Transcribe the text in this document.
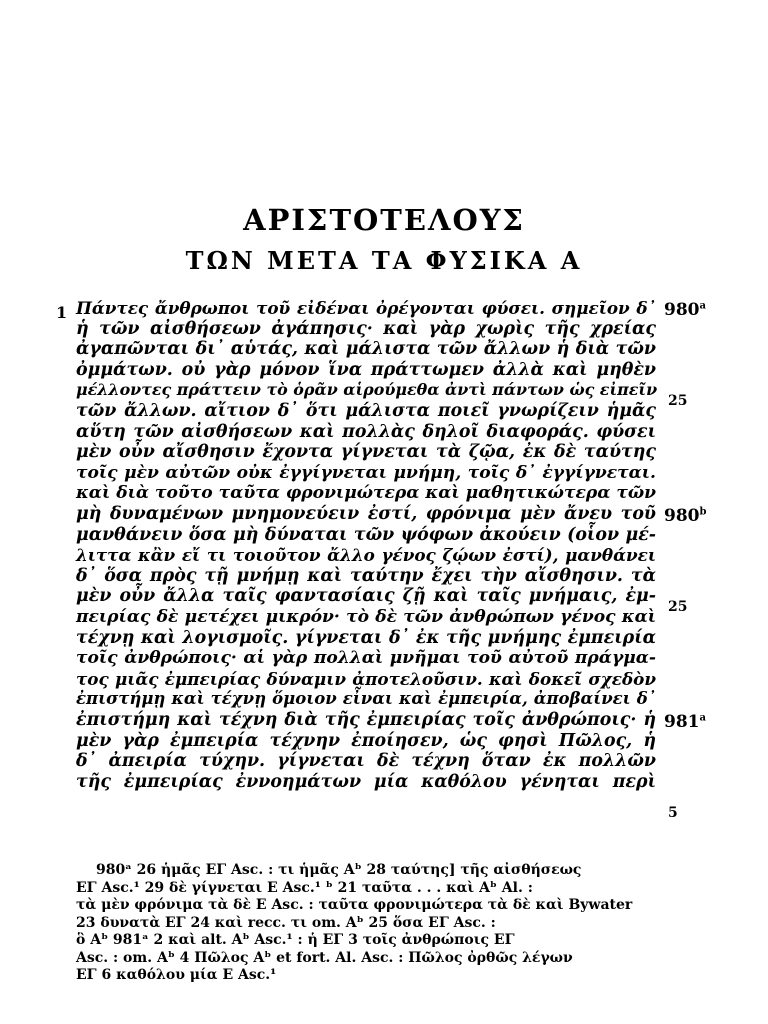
ΑΡΙΣΤΟΤΕΛΟΥΣ
ΤΩΝ ΜΕΤΑ ΤΑ ΦΥΣΙΚΑ Α
1 Πάντες ἄνθρωποι τοῦ εἰδέναι ὀρέγονται φύσει. σημεῖον δ᾽
ἡ τῶν αἰσθήσεων ἀγάπησις· καὶ γὰρ χωρὶς τῆς χρείας
ἀγαπῶνται δι᾽ αὑτάς, καὶ μάλιστα τῶν ἄλλων ἡ διὰ τῶν
ὀμμάτων. οὐ γὰρ μόνον ἵνα πράττωμεν ἀλλὰ καὶ μηθὲν
μέλλοντες πράττειν τὸ ὁρᾶν αἱρούμεθα ἀντὶ πάντων ὡς εἰπεῖν
τῶν ἄλλων. αἴτιον δ᾽ ὅτι μάλιστα ποιεῖ γνωρίζειν ἡμᾶς
αὕτη τῶν αἰσθήσεων καὶ πολλὰς δηλοῖ διαφοράς. φύσει
μὲν οὖν αἴσθησιν ἔχοντα γίγνεται τὰ ζῷα, ἐκ δὲ ταύτης
τοῖς μὲν αὐτῶν οὐκ ἐγγίγνεται μνήμη, τοῖς δ᾽ ἐγγίγνεται.
καὶ διὰ τοῦτο ταῦτα φρονιμώτερα καὶ μαθητικώτερα τῶν
μὴ δυναμένων μνημονεύειν ἐστί, φρόνιμα μὲν ἄνευ τοῦ
μανθάνειν ὅσα μὴ δύναται τῶν ψόφων ἀκούειν (οἷον μέ-
λιττα κἂν εἴ τι τοιοῦτον ἄλλο γένος ζῴων ἐστί), μανθάνει
δ᾽ ὅσα πρὸς τῇ μνήμῃ καὶ ταύτην ἔχει τὴν αἴσθησιν. τὰ
μὲν οὖν ἄλλα ταῖς φαντασίαις ζῇ καὶ ταῖς μνήμαις, ἐμ-
πειρίας δὲ μετέχει μικρόν· τὸ δὲ τῶν ἀνθρώπων γένος καὶ
τέχνῃ καὶ λογισμοῖς. γίγνεται δ᾽ ἐκ τῆς μνήμης ἐμπειρία
τοῖς ἀνθρώποις· αἱ γὰρ πολλαὶ μνῆμαι τοῦ αὐτοῦ πράγμα-
τος μιᾶς ἐμπειρίας δύναμιν ἀποτελοῦσιν. καὶ δοκεῖ σχεδὸν
ἐπιστήμῃ καὶ τέχνῃ ὅμοιον εἶναι καὶ ἐμπειρία, ἀποβαίνει δ᾽
ἐπιστήμη καὶ τέχνη διὰ τῆς ἐμπειρίας τοῖς ἀνθρώποις· ἡ
μὲν γὰρ ἐμπειρία τέχνην ἐποίησεν, ὡς φησὶ Πῶλος, ἡ
δ᾽ ἀπειρία τύχην. γίγνεται δὲ τέχνη ὅταν ἐκ πολλῶν
τῆς ἐμπειρίας ἐννοημάτων μία καθόλου γένηται περὶ
980$^a$
25
980$^b$
25
981$^a$
5
980ᵃ 26 ἡμᾶς ΕΓ Asc. : τι ἡμᾶς Aᵇ 28 ταύτης] τῆς αἰσθήσεως
ΕΓ Asc.¹ 29 δὲ γίγνεται E Asc.¹ ᵇ 21 ταῦτα . . . καὶ Aᵇ Al. :
τὰ μὲν φρόνιμα τὰ δὲ E Asc. : ταῦτα φρονιμώτερα τὰ δὲ καὶ Bywater
23 δυνατὰ ΕΓ 24 καὶ recc. τι om. Aᵇ 25 ὅσα ΕΓ Asc. :
ὃ Aᵇ 981ᵃ 2 καὶ alt. Aᵇ Asc.¹ : ἡ ΕΓ 3 τοῖς ἀνθρώποις ΕΓ
Asc. : om. Aᵇ 4 Πῶλος Aᵇ et fort. Al. Asc. : Πῶλος ὀρθῶς λέγων
ΕΓ 6 καθόλου μία E Asc.¹
